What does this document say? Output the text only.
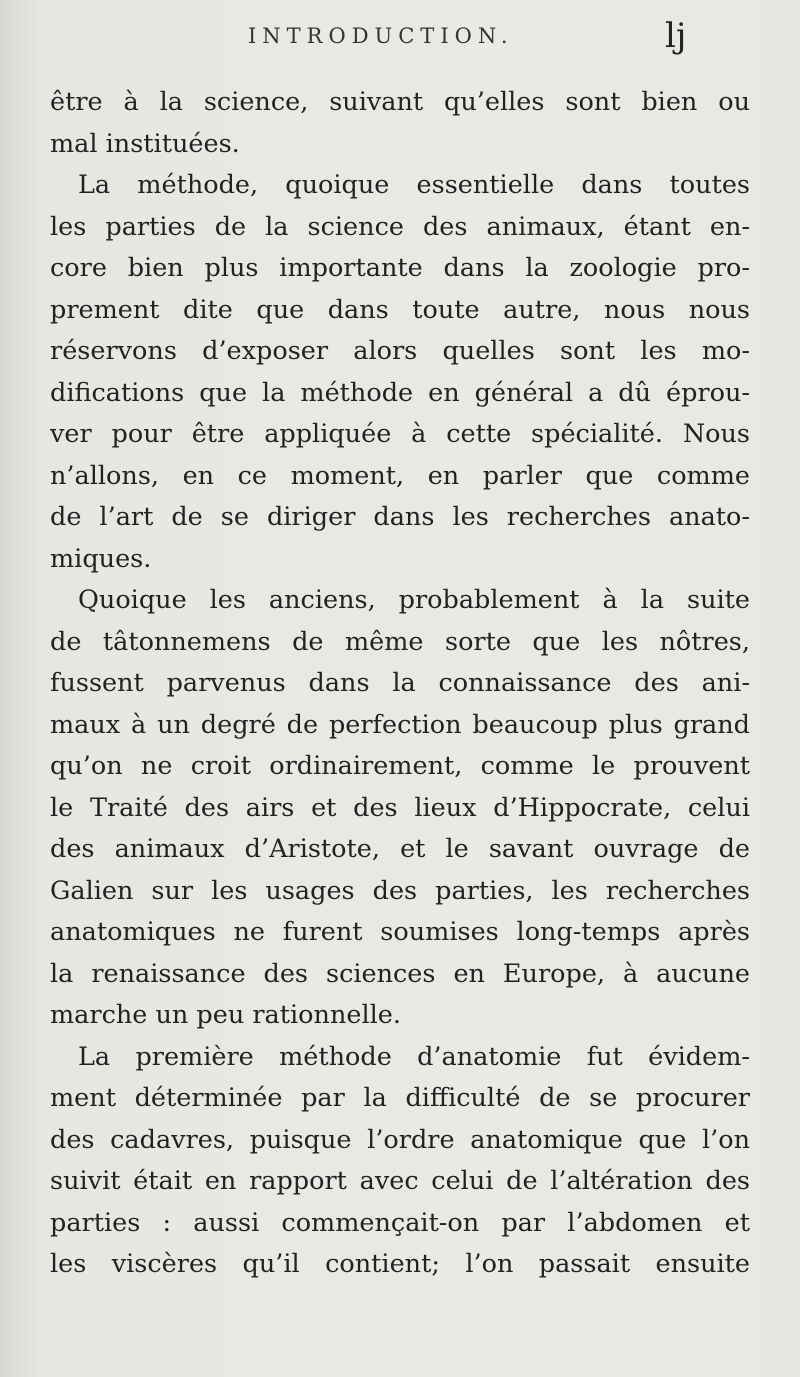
INTRODUCTION.	lj
être à la science, suivant qu’elles sont bien ou
mal instituées.
La méthode, quoique essentielle dans toutes
les parties de la science des animaux, étant en-
core bien plus importante dans la zoologie pro-
prement dite que dans toute autre, nous nous
réservons d’exposer alors quelles sont les mo-
difications que la méthode en général a dû éprou-
ver pour être appliquée à cette spécialité. Nous
n’allons, en ce moment, en parler que comme
de l’art de se diriger dans les recherches anato-
miques.
Quoique les anciens, probablement à la suite
de tâtonnemens de même sorte que les nôtres,
fussent parvenus dans la connaissance des ani-
maux à un degré de perfection beaucoup plus grand
qu’on ne croit ordinairement, comme le prouvent
le Traité des airs et des lieux d’Hippocrate, celui
des animaux d’Aristote, et le savant ouvrage de
Galien sur les usages des parties, les recherches
anatomiques ne furent soumises long-temps après
la renaissance des sciences en Europe, à aucune
marche un peu rationnelle.
La première méthode d’anatomie fut évidem-
ment déterminée par la difficulté de se procurer
des cadavres, puisque l’ordre anatomique que l’on
suivit était en rapport avec celui de l’altération des
parties : aussi commençait-on par l’abdomen et
les viscères qu’il contient; l’on passait ensuite
